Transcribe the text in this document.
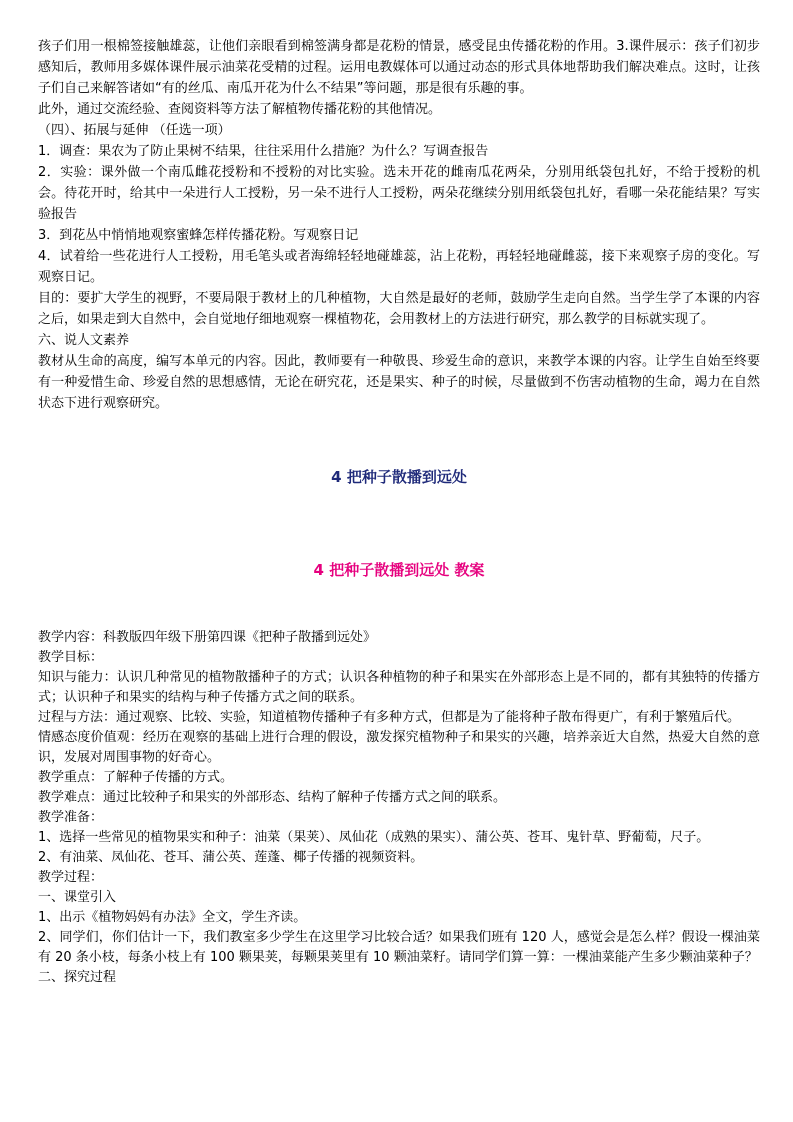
孩子们用一根棉签接触雄蕊，让他们亲眼看到棉签满身都是花粉的情景，感受昆虫传播花粉的作用。3.课件展示：孩子们初步感知后，教师用多媒体课件展示油菜花受精的过程。运用电教媒体可以通过动态的形式具体地帮助我们解决难点。这时，让孩子们自己来解答诸如“有的丝瓜、南瓜开花为什么不结果”等问题，那是很有乐趣的事。

此外，通过交流经验、查阅资料等方法了解植物传播花粉的其他情况。

（四）、拓展与延伸 （任选一项）

1．调查：果农为了防止果树不结果，往往采用什么措施？为什么？写调查报告

2．实验：课外做一个南瓜雌花授粉和不授粉的对比实验。选未开花的雌南瓜花两朵，分别用纸袋包扎好，不给于授粉的机会。待花开时，给其中一朵进行人工授粉，另一朵不进行人工授粉，两朵花继续分别用纸袋包扎好，看哪一朵花能结果？写实验报告

3．到花丛中悄悄地观察蜜蜂怎样传播花粉。写观察日记

4．试着给一些花进行人工授粉，用毛笔头或者海绵轻轻地碰雄蕊，沾上花粉，再轻轻地碰雌蕊，接下来观察子房的变化。写观察日记。

目的：要扩大学生的视野，不要局限于教材上的几种植物，大自然是最好的老师，鼓励学生走向自然。当学生学了本课的内容之后，如果走到大自然中，会自觉地仔细地观察一棵植物花，会用教材上的方法进行研究，那么教学的目标就实现了。

六、说人文素养

教材从生命的高度，编写本单元的内容。因此，教师要有一种敬畏、珍爱生命的意识，来教学本课的内容。让学生自始至终要有一种爱惜生命、珍爱自然的思想感情，无论在研究花，还是果实、种子的时候，尽量做到不伤害动植物的生命，竭力在自然状态下进行观察研究。

4 把种子散播到远处
4 把种子散播到远处 教案

教学内容：科教版四年级下册第四课《把种子散播到远处》

教学目标：

知识与能力：认识几种常见的植物散播种子的方式；认识各种植物的种子和果实在外部形态上是不同的，都有其独特的传播方式；认识种子和果实的结构与种子传播方式之间的联系。

过程与方法：通过观察、比较、实验，知道植物传播种子有多种方式，但都是为了能将种子散布得更广，有利于繁殖后代。

情感态度价值观：经历在观察的基础上进行合理的假设，激发探究植物种子和果实的兴趣，培养亲近大自然，热爱大自然的意识，发展对周围事物的好奇心。

教学重点：了解种子传播的方式。

教学难点：通过比较种子和果实的外部形态、结构了解种子传播方式之间的联系。

教学准备：

1、选择一些常见的植物果实和种子：油菜（果荚）、凤仙花（成熟的果实）、蒲公英、苍耳、鬼针草、野葡萄，尺子。

2、有油菜、凤仙花、苍耳、蒲公英、莲蓬、椰子传播的视频资料。

教学过程：

一、课堂引入

1、出示《植物妈妈有办法》全文，学生齐读。

2、同学们，你们估计一下，我们教室多少学生在这里学习比较合适？如果我们班有 120 人，感觉会是怎么样？假设一棵油菜有 20 条小枝，每条小枝上有 100 颗果荚，每颗果荚里有 10 颗油菜籽。请同学们算一算：一棵油菜能产生多少颗油菜种子？

二、探究过程
